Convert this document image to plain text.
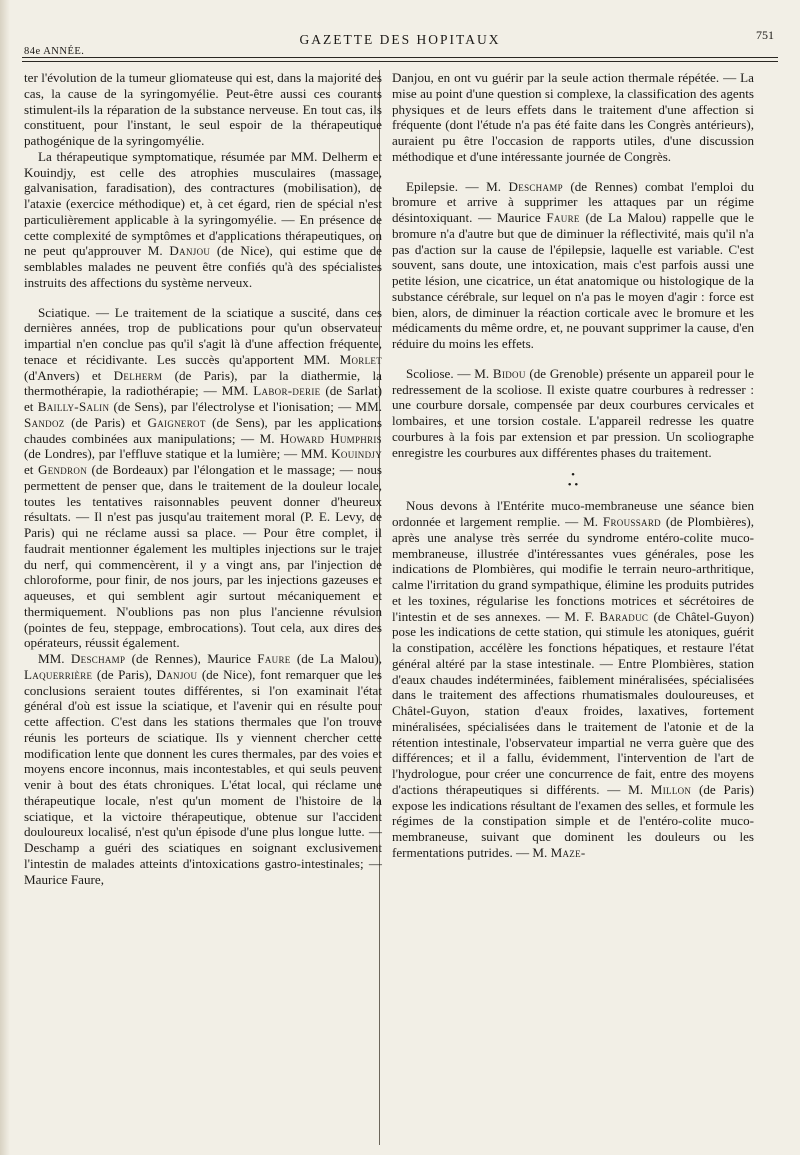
84e ANNÉE.
GAZETTE DES HOPITAUX	751

ter l'évolution de la tumeur gliomateuse qui est, dans la majorité des cas, la cause de la syringomyélie. Peut-être aussi ces courants stimulent-ils la réparation de la substance nerveuse. En tout cas, ils constituent, pour l'instant, le seul espoir de la thérapeutique pathogénique de la syringomyélie.

La thérapeutique symptomatique, résumée par MM. Delherm et Kouindjy, est celle des atrophies musculaires (massage, galvanisation, faradisation), des contractures (mobilisation), de l'ataxie (exercice méthodique) et, à cet égard, rien de spécial n'est particulièrement applicable à la syringomyélie. — En présence de cette complexité de symptômes et d'applications thérapeutiques, on ne peut qu'approuver M. Danjou (de Nice), qui estime que de semblables malades ne peuvent être confiés qu'à des spécialistes instruits des affections du système nerveux.

Sciatique. — Le traitement de la sciatique a suscité, dans ces dernières années, trop de publications pour qu'un observateur impartial n'en conclue pas qu'il s'agit là d'une affection fréquente, tenace et récidivante. Les succès qu'apportent MM. Morlet (d'Anvers) et Delherm (de Paris), par la diathermie, la thermothérapie, la radiothérapie; — MM. Labor-derie (de Sarlat) et Bailly-Salin (de Sens), par l'électrolyse et l'ionisation; — MM. Sandoz (de Paris) et Gaignerot (de Sens), par les applications chaudes combinées aux manipulations; — M. Howard Humphris (de Londres), par l'effluve statique et la lumière; — MM. Kouindjy et Gendron (de Bordeaux) par l'élongation et le massage; — nous permettent de penser que, dans le traitement de la douleur locale, toutes les tentatives raisonnables peuvent donner d'heureux résultats. — Il n'est pas jusqu'au traitement moral (P. E. Levy, de Paris) qui ne réclame aussi sa place. — Pour être complet, il faudrait mentionner également les multiples injections sur le trajet du nerf, qui commencèrent, il y a vingt ans, par l'injection de chloroforme, pour finir, de nos jours, par les injections gazeuses et aqueuses, et qui semblent agir surtout mécaniquement et thermiquement. N'oublions pas non plus l'ancienne révulsion (pointes de feu, steppage, embrocations). Tout cela, aux dires des opérateurs, réussit également.

MM. Deschamp (de Rennes), Maurice Faure (de La Malou), Laquerrière (de Paris), Danjou (de Nice), font remarquer que les conclusions seraient toutes différentes, si l'on examinait l'état général d'où est issue la sciatique, et l'avenir qui en résulte pour cette affection. C'est dans les stations thermales que l'on trouve réunis les porteurs de sciatique. Ils y viennent chercher cette modification lente que donnent les cures thermales, par des voies et moyens encore inconnus, mais incontestables, et qui seuls peuvent venir à bout des états chroniques. L'état local, qui réclame une thérapeutique locale, n'est qu'un moment de l'histoire de la sciatique, et la victoire thérapeutique, obtenue sur l'accident douloureux localisé, n'est qu'un épisode d'une plus longue lutte. — Deschamp a guéri des sciatiques en soignant exclusivement l'intestin de malades atteints d'intoxications gastro-intestinales; — Maurice Faure,

Danjou, en ont vu guérir par la seule action thermale répétée. — La mise au point d'une question si complexe, la classification des agents physiques et de leurs effets dans le traitement d'une affection si fréquente (dont l'étude n'a pas été faite dans les Congrès antérieurs), auraient pu être l'occasion de rapports utiles, d'une discussion méthodique et d'une intéressante journée de Congrès.

Epilepsie. — M. Deschamp (de Rennes) combat l'emploi du bromure et arrive à supprimer les attaques par un régime désintoxiquant. — Maurice Faure (de La Malou) rappelle que le bromure n'a d'autre but que de diminuer la réflectivité, mais qu'il n'a pas d'action sur la cause de l'épilepsie, laquelle est variable. C'est souvent, sans doute, une intoxication, mais c'est parfois aussi une petite lésion, une cicatrice, un état anatomique ou histologique de la substance cérébrale, sur lequel on n'a pas le moyen d'agir : force est bien, alors, de diminuer la réaction corticale avec le bromure et les médicaments du même ordre, et, ne pouvant supprimer la cause, d'en réduire du moins les effets.

Scoliose. — M. Bidou (de Grenoble) présente un appareil pour le redressement de la scoliose. Il existe quatre courbures à redresser : une courbure dorsale, compensée par deux courbures cervicales et lombaires, et une torsion costale. L'appareil redresse les quatre courbures à la fois par extension et par pression. Un scoliographe enregistre les courbures aux différentes phases du traitement.

•
• •

Nous devons à l'Entérite muco-membraneuse une séance bien ordonnée et largement remplie. — M. Froussard (de Plombières), après une analyse très serrée du syndrome entéro-colite muco-membraneuse, illustrée d'intéressantes vues générales, pose les indications de Plombières, qui modifie le terrain neuro-arthritique, calme l'irritation du grand sympathique, élimine les produits putrides et les toxines, régularise les fonctions motrices et sécrétoires de l'intestin et de ses annexes. — M. F. Baraduc (de Châtel-Guyon) pose les indications de cette station, qui stimule les atoniques, guérit la constipation, accélère les fonctions hépatiques, et restaure l'état général altéré par la stase intestinale. — Entre Plombières, station d'eaux chaudes indéterminées, faiblement minéralisées, spécialisées dans le traitement des affections rhumatismales douloureuses, et Châtel-Guyon, station d'eaux froides, laxatives, fortement minéralisées, spécialisées dans le traitement de l'atonie et de la rétention intestinale, l'observateur impartial ne verra guère que des différences; et il a fallu, évidemment, l'intervention de l'art de l'hydrologue, pour créer une concurrence de fait, entre des moyens d'actions thérapeutiques si différents. — M. Millon (de Paris) expose les indications résultant de l'examen des selles, et formule les régimes de la constipation simple et de l'entéro-colite muco-membraneuse, suivant que dominent les douleurs ou les fermentations putrides. — M. Maze-
